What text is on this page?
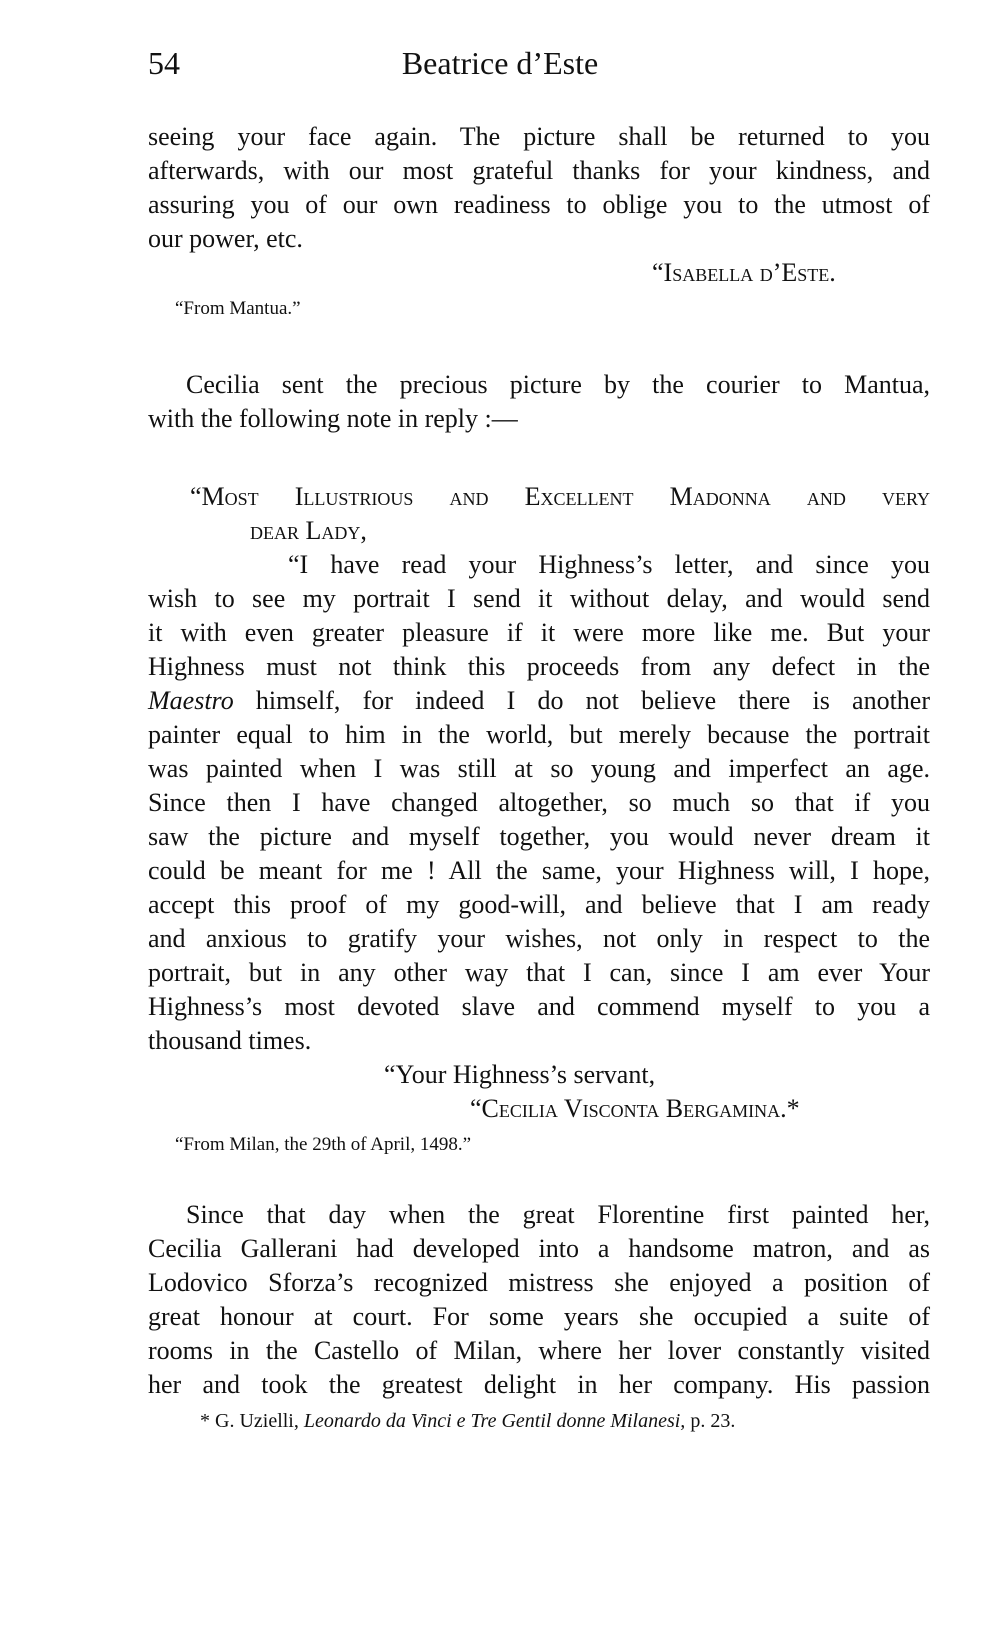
54	Beatrice d’Este
seeing your face again. The picture shall be returned to you
afterwards, with our most grateful thanks for your kindness, and
assuring you of our own readiness to oblige you to the utmost of
our power, etc.
“Isabella d’Este.
“From Mantua.”
Cecilia sent the precious picture by the courier to Mantua,
with the following note in reply :—
“Most Illustrious and Excellent Madonna and very
dear Lady,
“I have read your Highness’s letter, and since you
wish to see my portrait I send it without delay, and would send
it with even greater pleasure if it were more like me. But your
Highness must not think this proceeds from any defect in the
Maestro himself, for indeed I do not believe there is another
painter equal to him in the world, but merely because the portrait
was painted when I was still at so young and imperfect an age.
Since then I have changed altogether, so much so that if you
saw the picture and myself together, you would never dream it
could be meant for me ! All the same, your Highness will, I hope,
accept this proof of my good-will, and believe that I am ready
and anxious to gratify your wishes, not only in respect to the
portrait, but in any other way that I can, since I am ever Your
Highness’s most devoted slave and commend myself to you a
thousand times.
“Your Highness’s servant,
“Cecilia Visconta Bergamina.*
“From Milan, the 29th of April, 1498.”
Since that day when the great Florentine first painted her,
Cecilia Gallerani had developed into a handsome matron, and as
Lodovico Sforza’s recognized mistress she enjoyed a position of
great honour at court. For some years she occupied a suite of
rooms in the Castello of Milan, where her lover constantly visited
her and took the greatest delight in her company. His passion
* G. Uzielli, Leonardo da Vinci e Tre Gentil donne Milanesi, p. 23.
